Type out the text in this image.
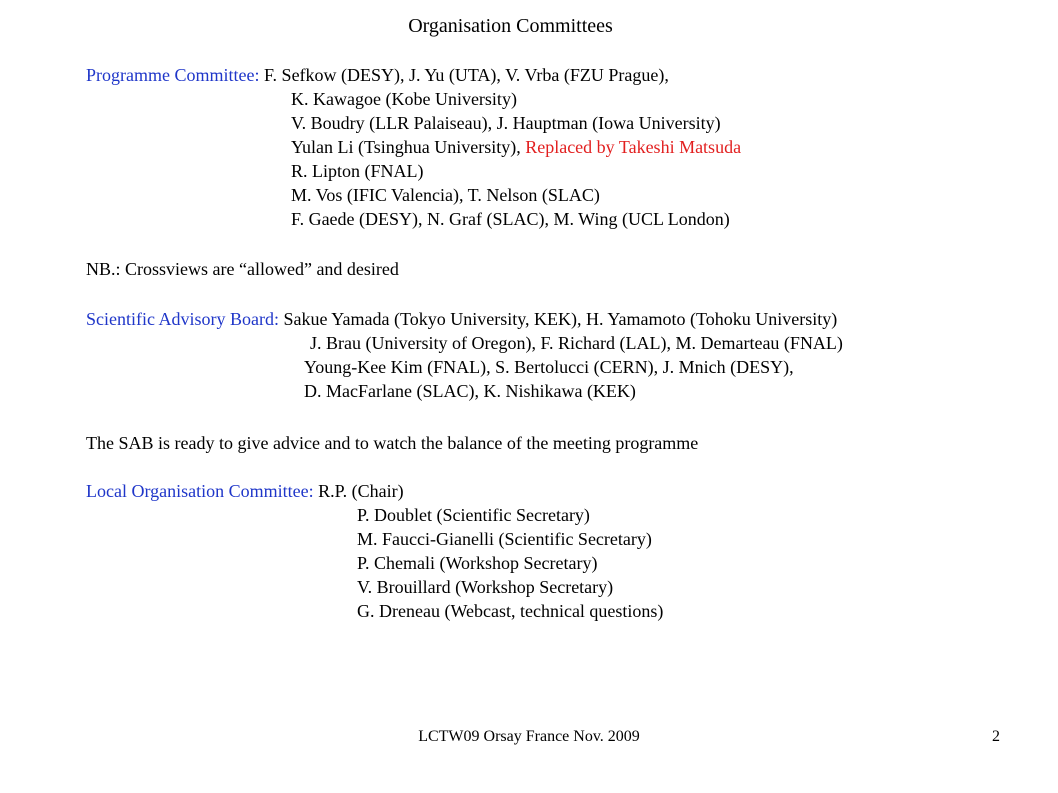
Organisation Committees
Programme Committee: F. Sefkow (DESY), J. Yu (UTA), V. Vrba (FZU Prague),
K. Kawagoe (Kobe University)
V. Boudry (LLR Palaiseau), J. Hauptman (Iowa University)
Yulan Li (Tsinghua University), Replaced by Takeshi Matsuda
R. Lipton (FNAL)
M. Vos (IFIC Valencia), T. Nelson (SLAC)
F. Gaede (DESY), N. Graf (SLAC), M. Wing (UCL London)
NB.: Crossviews are “allowed” and desired
Scientific Advisory Board: Sakue Yamada (Tokyo University, KEK), H. Yamamoto (Tohoku University)
J. Brau (University of Oregon), F. Richard (LAL), M. Demarteau (FNAL)
Young-Kee Kim (FNAL), S. Bertolucci (CERN), J. Mnich (DESY),
D. MacFarlane (SLAC), K. Nishikawa (KEK)
The SAB is ready to give advice and to watch the balance of the meeting programme
Local Organisation Committee: R.P. (Chair)
P. Doublet (Scientific Secretary)
M. Faucci-Gianelli (Scientific Secretary)
P. Chemali (Workshop Secretary)
V. Brouillard (Workshop Secretary)
G. Dreneau (Webcast, technical questions)
LCTW09 Orsay France Nov. 2009	2
